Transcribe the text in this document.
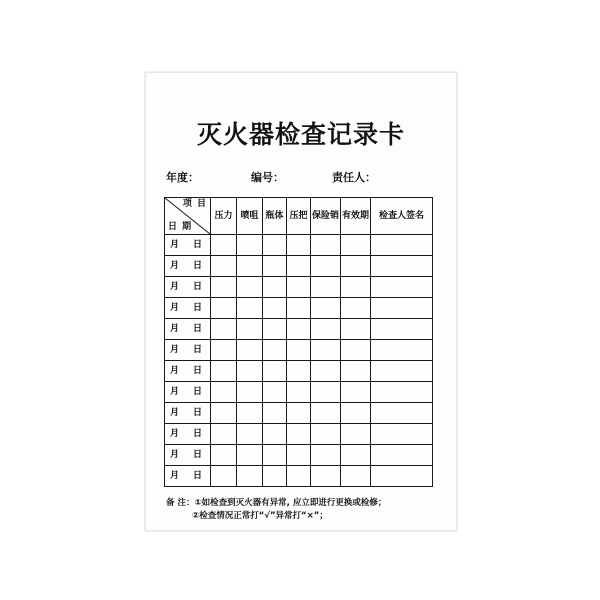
灭火器检查记录卡
年度：	编号：	责任人：
项 目
日 期	压力	喷咀	瓶体	压把	保险销	有效期	检查人签名
月 日							
月 日							
月 日							
月 日							
月 日							
月 日							
月 日							
月 日							
月 日							
月 日							
月 日							
月 日							
备 注：①如检查到灭火器有异常, 应立即进行更换或检修；
②检查情况正常打“√”异常打“×”；
